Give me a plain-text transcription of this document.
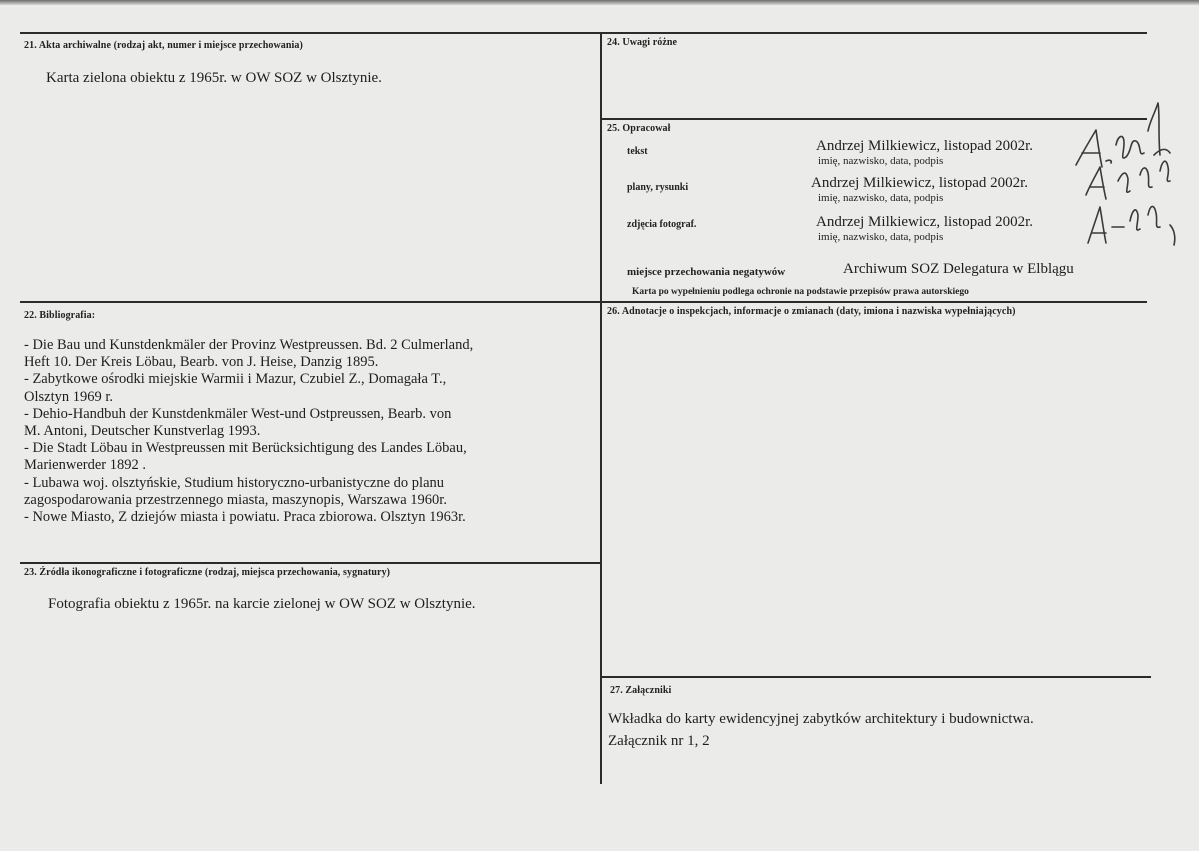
21. Akta archiwalne (rodzaj akt, numer i miejsce przechowania)
Karta zielona obiektu z 1965r. w OW SOZ w Olsztynie.
24. Uwagi różne
25. Opracował
tekst	Andrzej Milkiewicz, listopad 2002r.
imię, nazwisko, data, podpis
plany, rysunki	Andrzej Milkiewicz, listopad 2002r.
imię, nazwisko, data, podpis
zdjęcia fotograf.	Andrzej Milkiewicz, listopad 2002r.
imię, nazwisko, data, podpis
miejsce przechowania negatywów	Archiwum SOZ Delegatura w Elblągu
Karta po wypełnieniu podlega ochronie na podstawie przepisów prawa autorskiego
22. Bibliografia:
- Die Bau und Kunstdenkmäler der Provinz Westpreussen. Bd. 2 Culmerland,
Heft 10. Der Kreis Löbau, Bearb. von J. Heise, Danzig 1895.
- Zabytkowe ośrodki miejskie Warmii i Mazur, Czubiel Z., Domagała T.,
Olsztyn 1969 r.
- Dehio-Handbuh der Kunstdenkmäler West-und Ostpreussen, Bearb. von
M. Antoni, Deutscher Kunstverlag 1993.
- Die Stadt Löbau in Westpreussen mit Berücksichtigung des Landes Löbau,
Marienwerder 1892 .
- Lubawa woj. olsztyńskie, Studium historyczno-urbanistyczne do planu
zagospodarowania przestrzennego miasta, maszynopis, Warszawa 1960r.
- Nowe Miasto, Z dziejów miasta i powiatu. Praca zbiorowa. Olsztyn 1963r.
23. Źródła ikonograficzne i fotograficzne (rodzaj, miejsca przechowania, sygnatury)
Fotografia obiektu z 1965r. na karcie zielonej w OW SOZ w Olsztynie.
26. Adnotacje o inspekcjach, informacje o zmianach (daty, imiona i nazwiska wypełniających)
27. Załączniki
Wkładka do karty ewidencyjnej zabytków architektury i budownictwa.
Załącznik nr 1, 2
